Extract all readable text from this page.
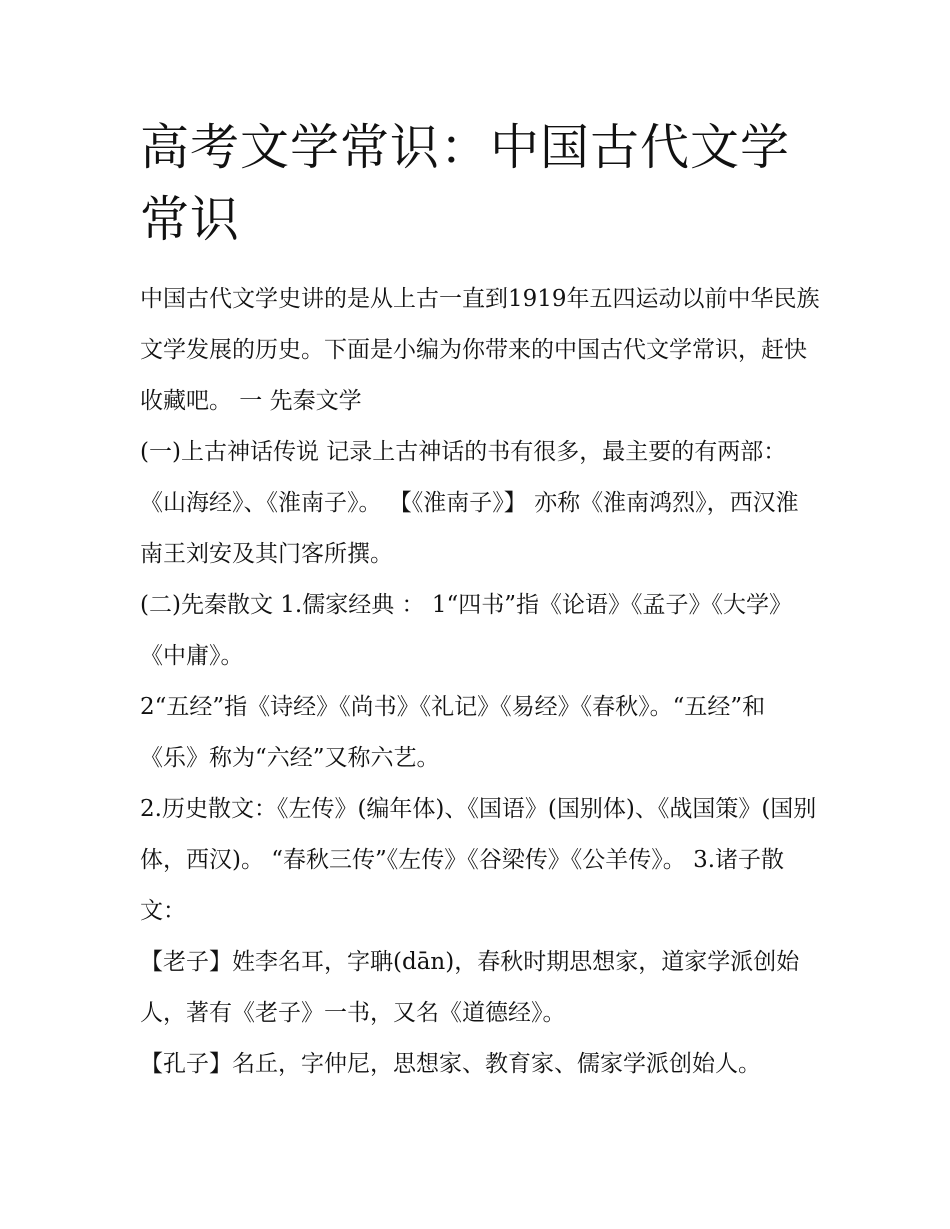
高考文学常识：中国古代文学常识

中国古代文学史讲的是从上古一直到1919年五四运动以前中华民族文学发展的历史。下面是小编为你带来的中国古代文学常识，赶快收藏吧。 一 先秦文学

(一)上古神话传说 记录上古神话的书有很多，最主要的有两部：《山海经》、《淮南子》。 【《淮南子》】 亦称《淮南鸿烈》，西汉淮南王刘安及其门客所撰。

(二)先秦散文 1.儒家经典 ： 1“四书”指《论语》《孟子》《大学》《中庸》。

2“五经”指《诗经》《尚书》《礼记》《易经》《春秋》。“五经”和《乐》称为“六经”又称六艺。

2.历史散文：《左传》(编年体)、《国语》(国别体)、《战国策》(国别体，西汉)。 “春秋三传”《左传》《谷梁传》《公羊传》。 3.诸子散文：

【老子】姓李名耳，字聃(dān)，春秋时期思想家，道家学派创始人，著有《老子》一书，又名《道德经》。

【孔子】名丘，字仲尼，思想家、教育家、儒家学派创始人。
